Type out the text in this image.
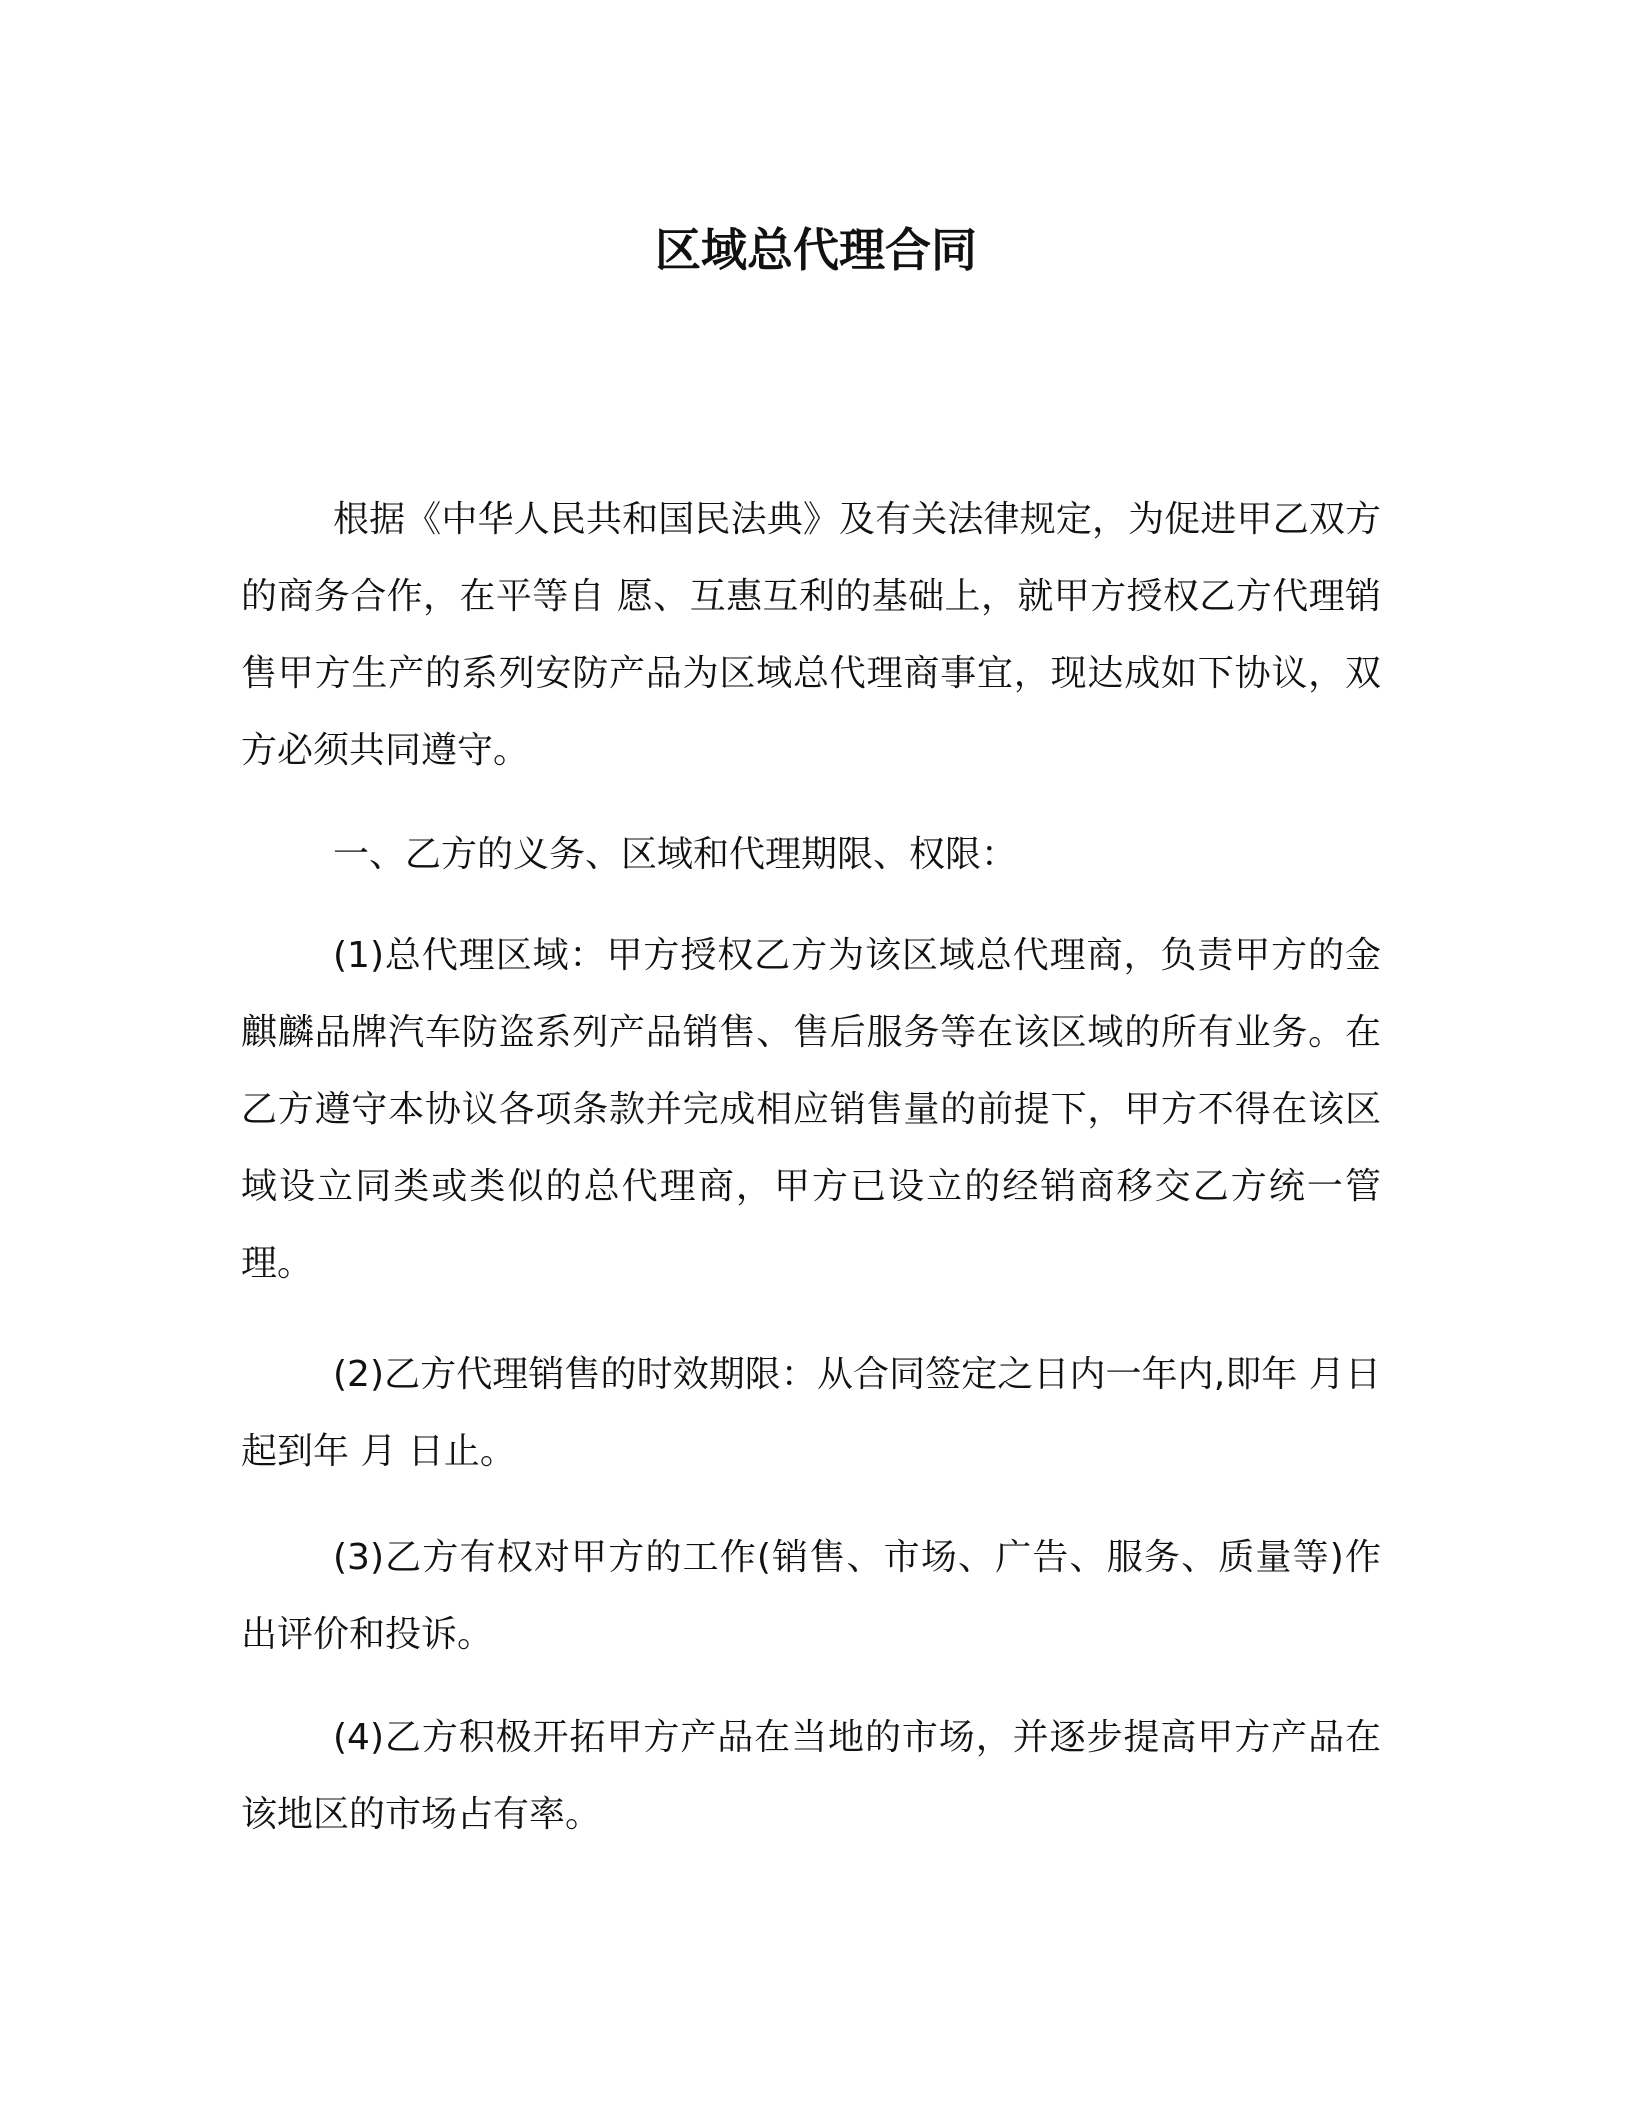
区域总代理合同

根据《中华人民共和国民法典》及有关法律规定，为促进甲乙双方的商务合作，在平等自 愿、互惠互利的基础上，就甲方授权乙方代理销售甲方生产的系列安防产品为区域总代理商事宜，现达成如下协议，双方必须共同遵守。

一、乙方的义务、区域和代理期限、权限：

(1)总代理区域：甲方授权乙方为该区域总代理商，负责甲方的金麒麟品牌汽车防盗系列产品销售、售后服务等在该区域的所有业务。在乙方遵守本协议各项条款并完成相应销售量的前提下，甲方不得在该区域设立同类或类似的总代理商，甲方已设立的经销商移交乙方统一管理。

(2)乙方代理销售的时效期限：从合同签定之日内一年内,即年 月日起到年 月 日止。

(3)乙方有权对甲方的工作(销售、市场、广告、服务、质量等)作出评价和投诉。

(4)乙方积极开拓甲方产品在当地的市场，并逐步提高甲方产品在该地区的市场占有率。
